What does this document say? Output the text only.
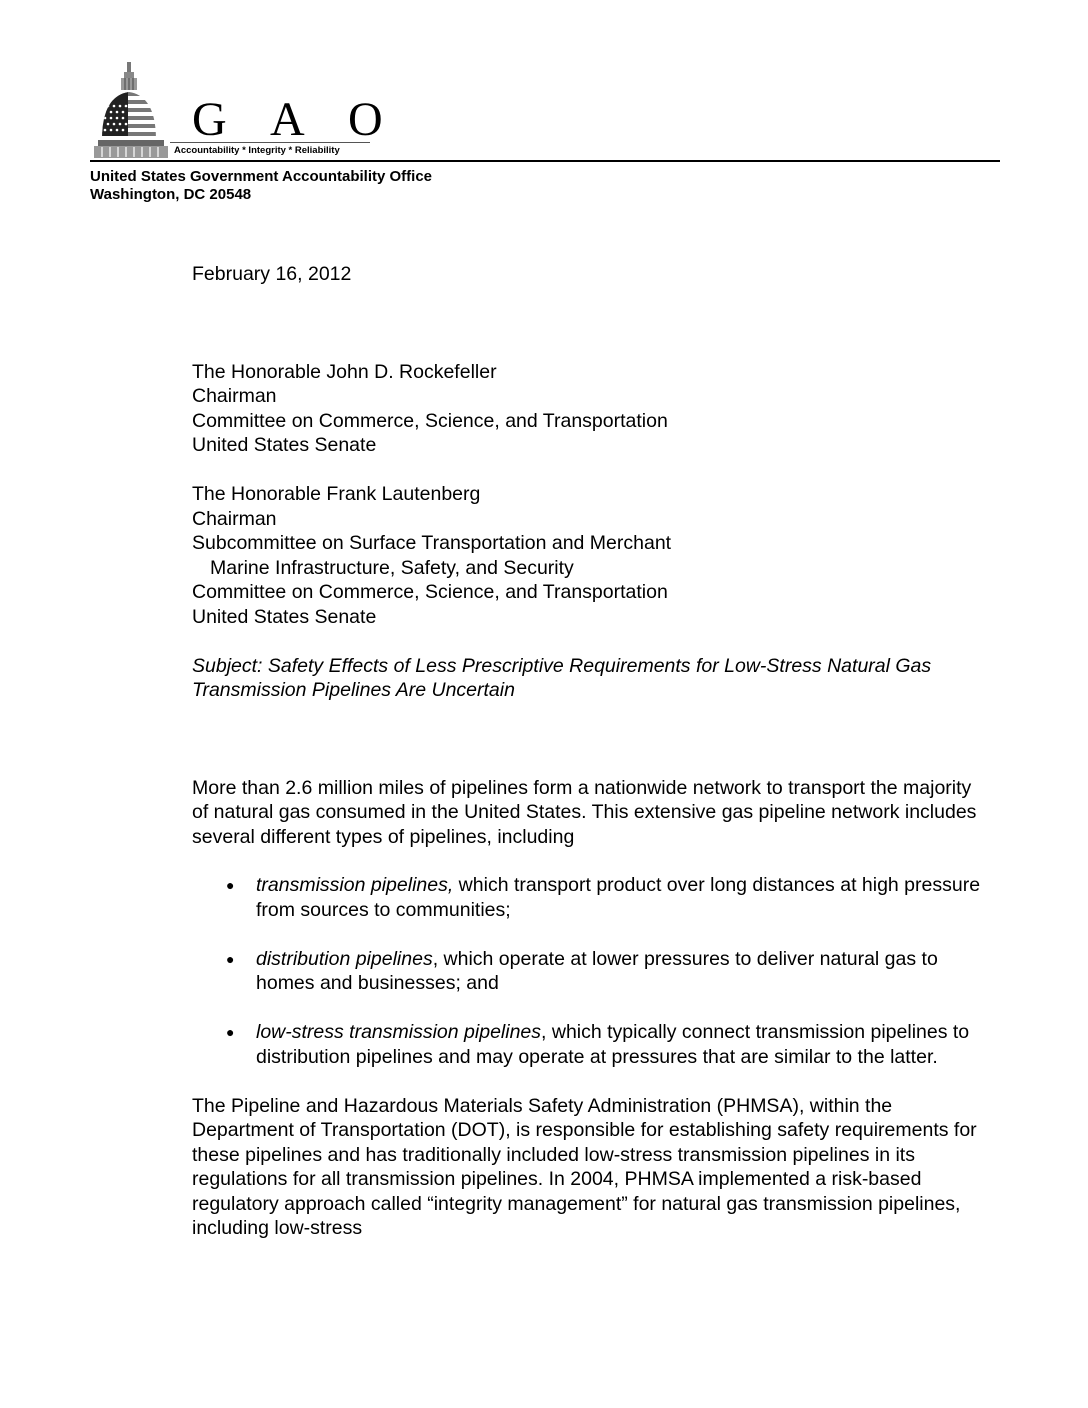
G A O
Accountability * Integrity * Reliability
United States Government Accountability Office
Washington, DC 20548
February 16, 2012
The Honorable John D. Rockefeller
Chairman
Committee on Commerce, Science, and Transportation
United States Senate
The Honorable Frank Lautenberg
Chairman
Subcommittee on Surface Transportation and Merchant
Marine Infrastructure, Safety, and Security
Committee on Commerce, Science, and Transportation
United States Senate
Subject: Safety Effects of Less Prescriptive Requirements for Low-Stress Natural Gas Transmission Pipelines Are Uncertain

More than 2.6 million miles of pipelines form a nationwide network to transport the majority of natural gas consumed in the United States. This extensive gas pipeline network includes several different types of pipelines, including

● transmission pipelines, which transport product over long distances at high pressure from sources to communities;
● distribution pipelines, which operate at lower pressures to deliver natural gas to homes and businesses; and
● low-stress transmission pipelines, which typically connect transmission pipelines to distribution pipelines and may operate at pressures that are similar to the latter.

The Pipeline and Hazardous Materials Safety Administration (PHMSA), within the Department of Transportation (DOT), is responsible for establishing safety requirements for these pipelines and has traditionally included low-stress transmission pipelines in its regulations for all transmission pipelines. In 2004, PHMSA implemented a risk-based regulatory approach called “integrity management” for natural gas transmission pipelines, including low-stress
